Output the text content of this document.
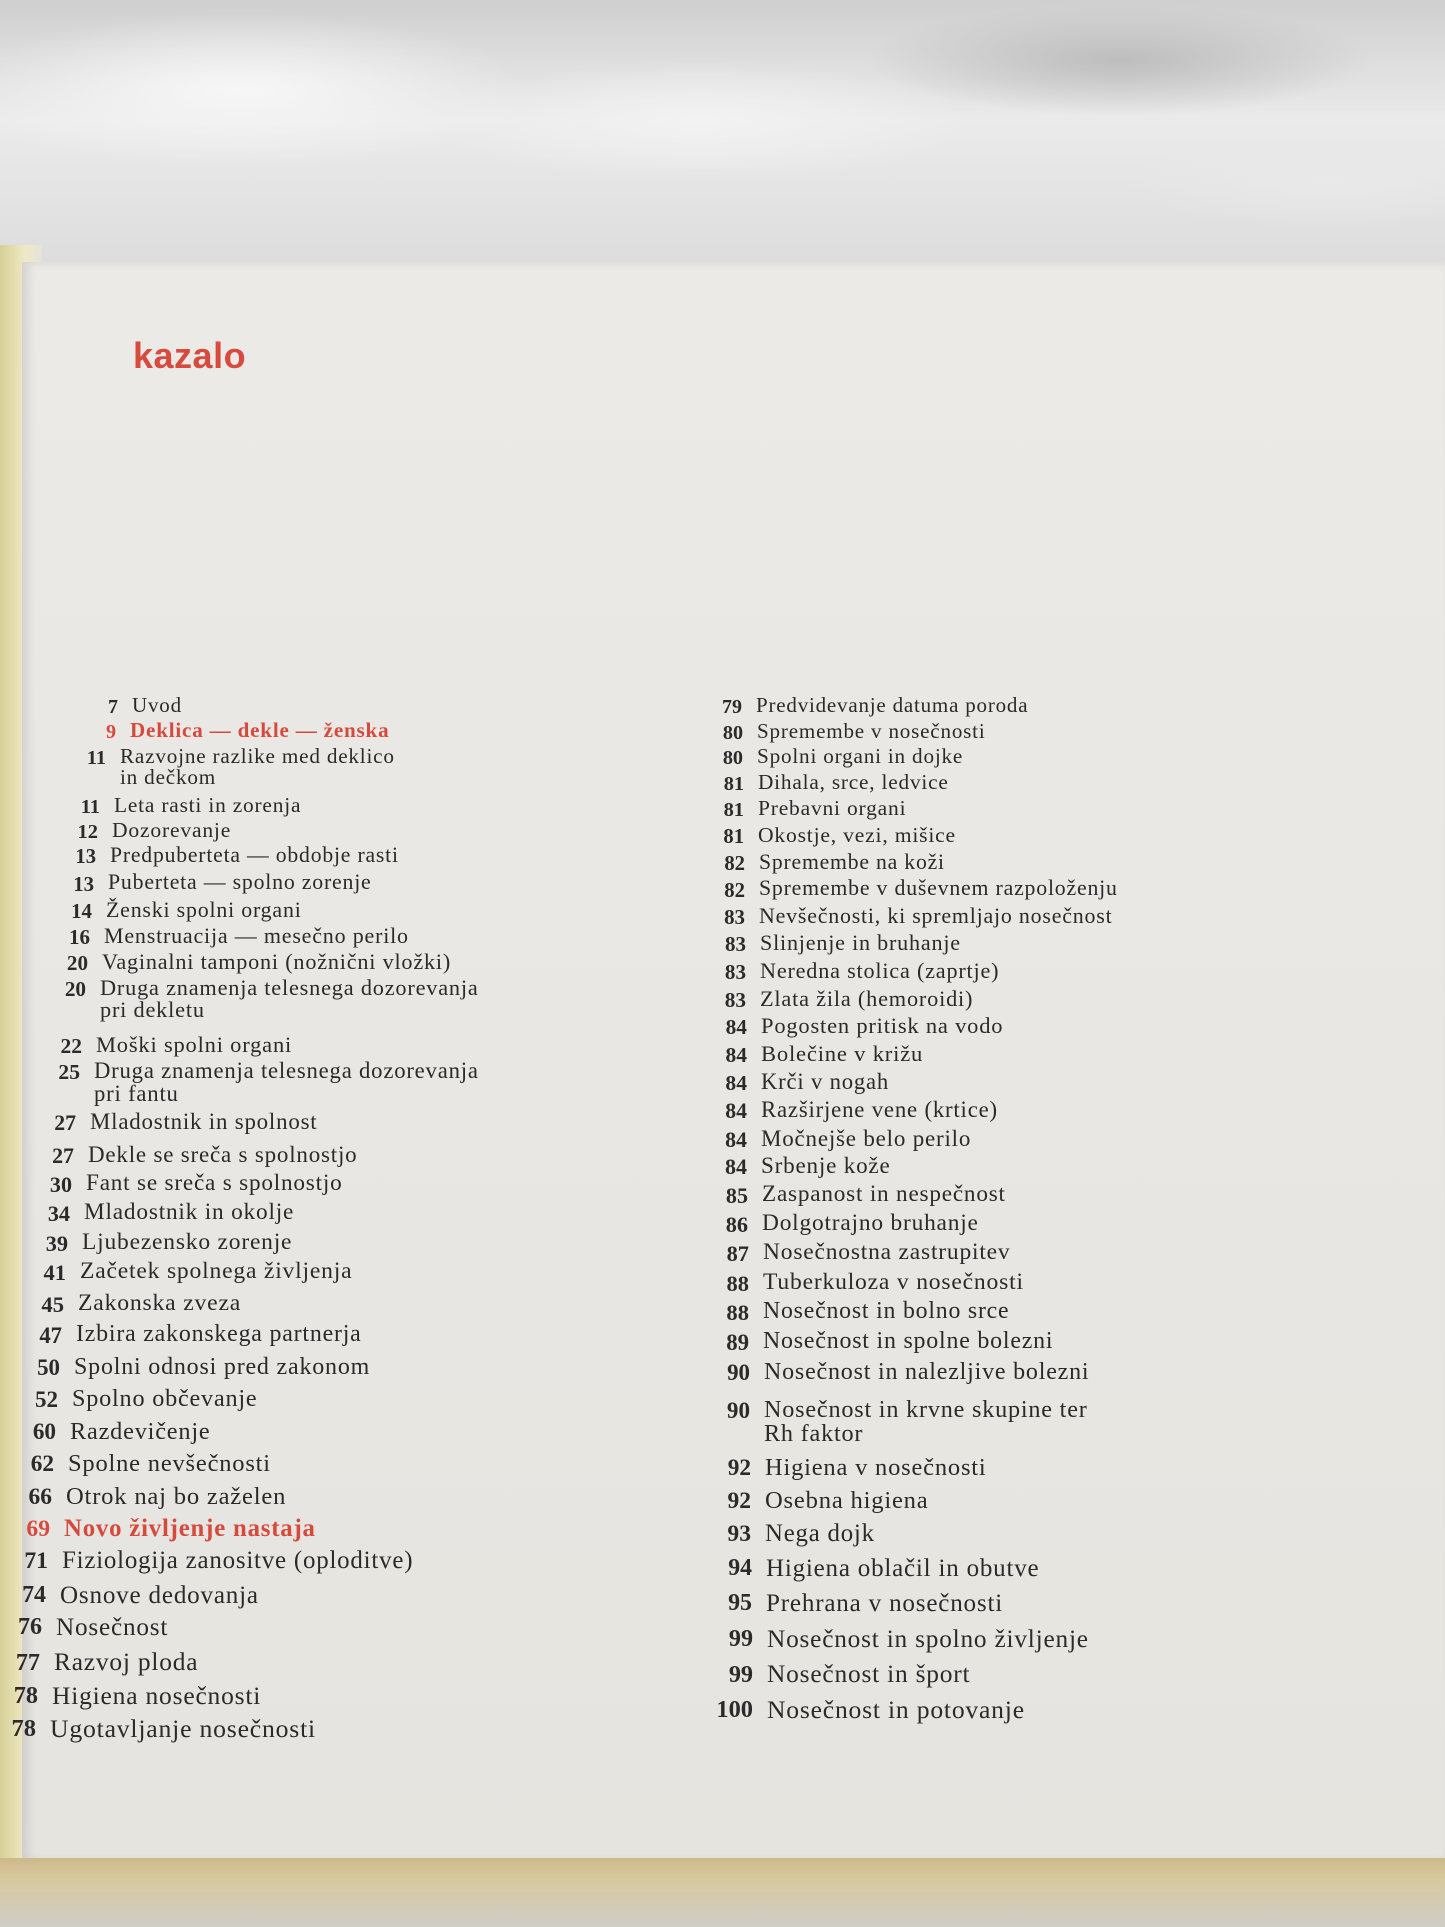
kazalo
7 Uvod
9 Deklica — dekle — ženska
11 Razvojne razlike med deklico
in dečkom
11 Leta rasti in zorenja
12 Dozorevanje
13 Predpuberteta — obdobje rasti
13 Puberteta — spolno zorenje
14 Ženski spolni organi
16 Menstruacija — mesečno perilo
20 Vaginalni tamponi (nožnični vložki)
20 Druga znamenja telesnega dozorevanja
pri dekletu
22 Moški spolni organi
25 Druga znamenja telesnega dozorevanja
pri fantu
27 Mladostnik in spolnost
27 Dekle se sreča s spolnostjo
30 Fant se sreča s spolnostjo
34 Mladostnik in okolje
39 Ljubezensko zorenje
41 Začetek spolnega življenja
45 Zakonska zveza
47 Izbira zakonskega partnerja
50 Spolni odnosi pred zakonom
52 Spolno občevanje
60 Razdevičenje
62 Spolne nevšečnosti
66 Otrok naj bo zaželen
69 Novo življenje nastaja
71 Fiziologija zanositve (oploditve)
74 Osnove dedovanja
76 Nosečnost
77 Razvoj ploda
78 Higiena nosečnosti
78 Ugotavljanje nosečnosti
79 Predvidevanje datuma poroda
80 Spremembe v nosečnosti
80 Spolni organi in dojke
81 Dihala, srce, ledvice
81 Prebavni organi
81 Okostje, vezi, mišice
82 Spremembe na koži
82 Spremembe v duševnem razpoloženju
83 Nevšečnosti, ki spremljajo nosečnost
83 Slinjenje in bruhanje
83 Neredna stolica (zaprtje)
83 Zlata žila (hemoroidi)
84 Pogosten pritisk na vodo
84 Bolečine v križu
84 Krči v nogah
84 Razširjene vene (krtice)
84 Močnejše belo perilo
84 Srbenje kože
85 Zaspanost in nespečnost
86 Dolgotrajno bruhanje
87 Nosečnostna zastrupitev
88 Tuberkuloza v nosečnosti
88 Nosečnost in bolno srce
89 Nosečnost in spolne bolezni
90 Nosečnost in nalezljive bolezni
90 Nosečnost in krvne skupine ter
Rh faktor
92 Higiena v nosečnosti
92 Osebna higiena
93 Nega dojk
94 Higiena oblačil in obutve
95 Prehrana v nosečnosti
99 Nosečnost in spolno življenje
99 Nosečnost in šport
100 Nosečnost in potovanje
